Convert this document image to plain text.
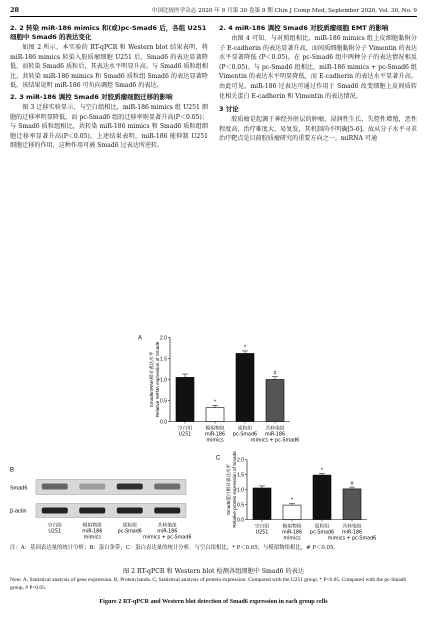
28	中国比较医学杂志 2020 年 9 月第 30 卷第 9 期 Chin J Comp Med, September 2020, Vol. 30, No. 9
2. 2 转染 miR-186 mimics 和(或)pc-Smad6 后，各组 U251 细胞中 Smad6 的表达变化

如图 2 所示，本实验的 RT-qPCR 和 Western blot 结果表明，将 miR-186 mimics 转染入胶质瘤细胞 U251 后，Smad6 的表达显著降低，而转染 Smad6 质粒后，其表达水平明显升高。与 Smad6 质粒组相比，共转染 miR-186 mimics 和 Smad6 质粒组 Smad6 的表达显著降低。该结果说明 miR-186 可负向调控 Smad6 的表达。

2. 3 miR-186 调控 Smad6 对胶质瘤细胞迁移的影响

图 3 迁移实验显示，与空白组相比，miR-186 mimics 组 U251 细胞的迁移率明显降低，而 pc-Smad6 组的迁移率则显著升高(P＜0.05)；与 Smad6 质粒组相比，共转染 miR-186 mimics 和 Smad6 质粒组细胞迁移率显著升高(P＜0.05)。上述结果表明，miR-186 能抑制 U251 细胞迁移的作用，这种作用可被 Smad6 过表达所逆转。

2. 4 miR-186 调控 Smad6 对胶质瘤细胞 EMT 的影响

由图 4 可知，与对照组相比，miR-186 mimics 组上皮细胞黏附分子 E-cadherin 的表达显著升高，而间质细胞黏附分子 Vimentin 的表达水平显著降低 (P＜0.05)。在 pc-Smad6 组中两种分子的表达情况相反 (P＜0.05)。与 pc-Smad6 组相比，miR-186 mimics + pc-Smad6 组 Vimentin 的表达水平明显降低，而 E-cadherin 的表达水平显著升高。由此可见，miR-186 过表达可通过作用于 Smad6 改变细胞上皮间质转化相关蛋白 E-cadherin 和 Vimentin 的表达情况。

3 讨论

胶质瘤是起源于神经外胚层的肿瘤，浸润性生长、失控性增殖，恶性程度高，治疗难度大、易复发，其机制尚不明确[5-6]。故从分子水平寻求治疗靶点是目前胶质瘤研究的重要方向之一。miRNA 可通

A
0.0
0.5
1.0
1.5
2.0
Smad6mRNA相对表达水平 Relative mRNA expression of Smad6
空白组
U251
*
模拟物组
miR-186
mimics
*
质粒组
pc-Smad6
#
共转染组
miR-186
mimics + pc-Smad6
B
Smad6
β-actin
空白组
U251
模拟物组
miR-186
mimics
质粒组
pc-Smad6
共转染组
miR-186
mimics + pc-Smad6
C
0.0
0.5
1.0
1.5
2.0
Smad6蛋白相对表达水平 Relative protein expression of Smad6	空白组
U251
*
模拟物组
miR-186
mimics
*
质粒组
pc-Smad6
#
共转染组
miR-186
mimics + pc-Smad6
注：A：基因表达量的统计分析；B：蛋白条带；C：蛋白表达量的统计分析。与空白组相比，* P＜0.05；与模拟物组相比，# P＜0.05。
图 2 RT-qPCR 和 Western blot 检测各组细胞中 Smad6 的表达
Note. A, Statistical analysis of gene expression. B, Protein bands. C, Statistical analysis of protein expression. Compared with the U251 group, * P<0.05. Compared with the pc-Smad6 group, # P<0.05.
Figure 2 RT-qPCR and Western blot detection of Smad6 expression in each group cells
